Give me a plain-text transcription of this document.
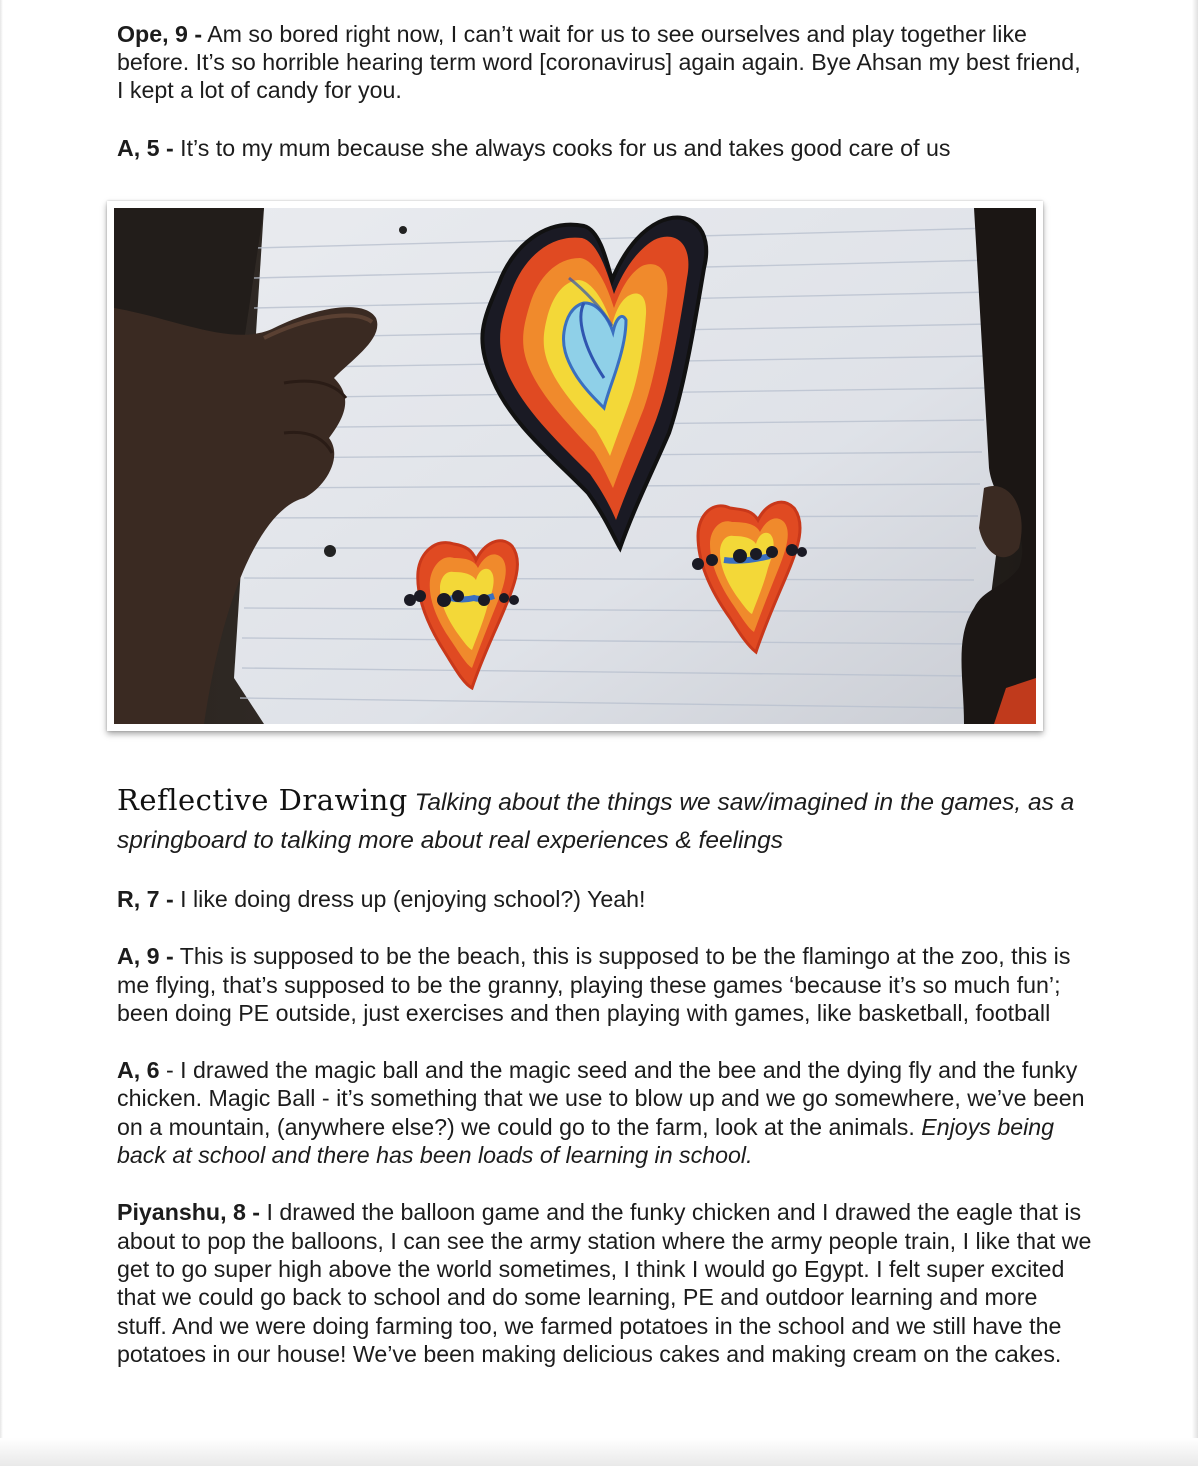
Ope, 9 - Am so bored right now, I can’t wait for us to see ourselves and play together like before. It’s so horrible hearing term word [coronavirus] again again. Bye Ahsan my best friend, I kept a lot of candy for you.

A, 5 - It’s to my mum because she always cooks for us and takes good care of us

Reflective Drawing Talking about the things we saw/imagined in the games, as a springboard to talking more about real experiences & feelings

R, 7 - I like doing dress up (enjoying school?) Yeah!

A, 9 - This is supposed to be the beach, this is supposed to be the flamingo at the zoo, this is me flying, that’s supposed to be the granny, playing these games ‘because it’s so much fun’; been doing PE outside, just exercises and then playing with games, like basketball, football

A, 6 - I drawed the magic ball and the magic seed and the bee and the dying fly and the funky chicken. Magic Ball - it’s something that we use to blow up and we go somewhere, we’ve been on a mountain, (anywhere else?) we could go to the farm, look at the animals. Enjoys being back at school and there has been loads of learning in school.

Piyanshu, 8 - I drawed the balloon game and the funky chicken and I drawed the eagle that is about to pop the balloons, I can see the army station where the army people train, I like that we get to go super high above the world sometimes, I think I would go Egypt. I felt super excited that we could go back to school and do some learning, PE and outdoor learning and more stuff. And we were doing farming too, we farmed potatoes in the school and we still have the potatoes in our house! We’ve been making delicious cakes and making cream on the cakes.
